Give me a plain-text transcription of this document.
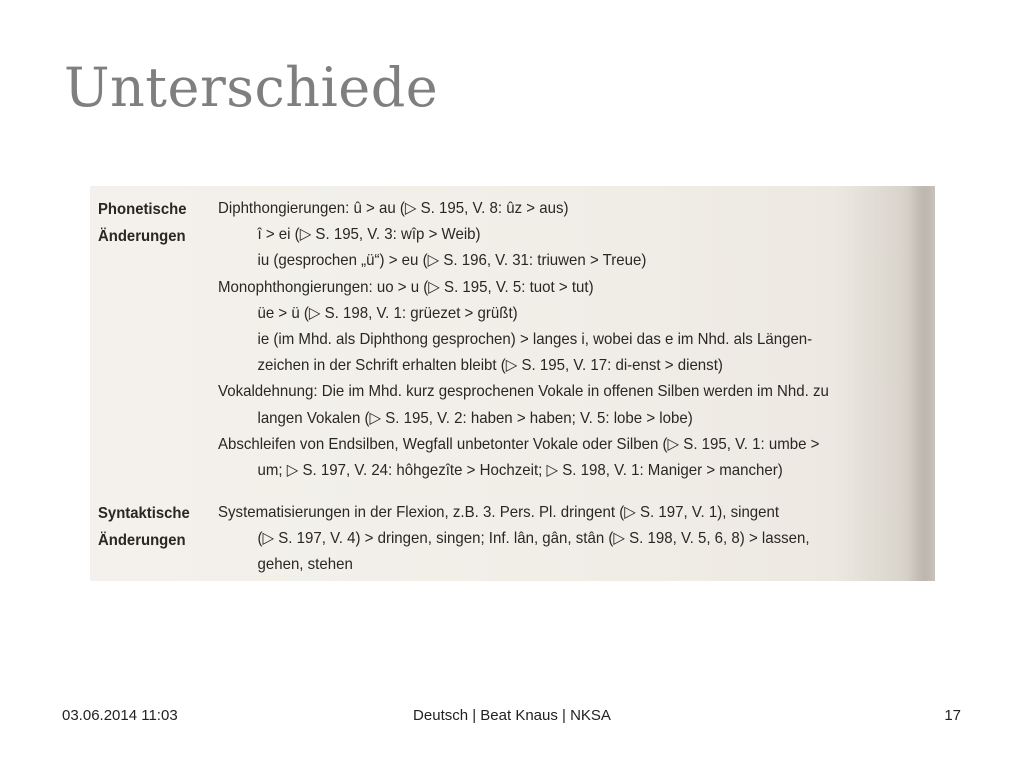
Unterschiede
Phonetische
Änderungen
Diphthongierungen: û > au (▷ S. 195, V. 8: ûz > aus)
î > ei (▷ S. 195, V. 3: wîp > Weib)
iu (gesprochen „ü“) > eu (▷ S. 196, V. 31: triuwen > Treue)
Monophthongierungen: uo > u (▷ S. 195, V. 5: tuot > tut)
üe > ü (▷ S. 198, V. 1: grüezet > grüßt)
ie (im Mhd. als Diphthong gesprochen) > langes i, wobei das e im Nhd. als Längen-
zeichen in der Schrift erhalten bleibt (▷ S. 195, V. 17: di-enst > dienst)
Vokaldehnung: Die im Mhd. kurz gesprochenen Vokale in offenen Silben werden im Nhd. zu
langen Vokalen (▷ S. 195, V. 2: haben > haben; V. 5: lobe > lobe)
Abschleifen von Endsilben, Wegfall unbetonter Vokale oder Silben (▷ S. 195, V. 1: umbe >
um; ▷ S. 197, V. 24: hôhgezîte > Hochzeit; ▷ S. 198, V. 1: Maniger > mancher)
Syntaktische
Änderungen
Systematisierungen in der Flexion, z.B. 3. Pers. Pl. dringent (▷ S. 197, V. 1), singent
(▷ S. 197, V. 4) > dringen, singen; Inf. lân, gân, stân (▷ S. 198, V. 5, 6, 8) > lassen,
gehen, stehen
03.06.2014 11:03	Deutsch | Beat Knaus | NKSA	17
